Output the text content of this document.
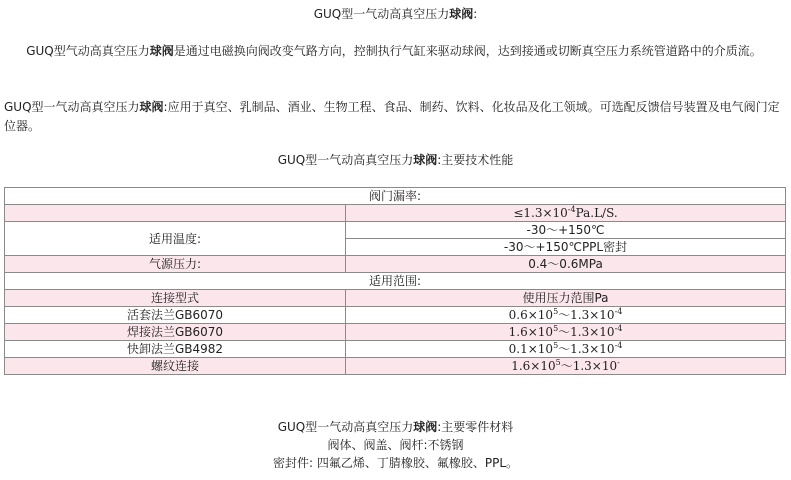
GUQ型一气动高真空压力球阀:
GUQ型气动高真空压力球阀是通过电磁换向阀改变气路方向，控制执行气缸来驱动球阀，达到接通或切断真空压力系统管道路中的介质流。
GUQ型一气动高真空压力球阀:应用于真空、乳制品、酒业、生物工程、食品、制药、饮料、化妆品及化工领域。可选配反馈信号装置及电气阀门定位器。
GUQ型一气动高真空压力球阀:主要技术性能
阀门漏率:	
	$\le 1.3\times 10^{-4}Pa.L/S$.
适用温度:	-30～+150℃
	-30～+150℃PPL密封
气源压力:	0.4～0.6MPa
适用范围:	
连接型式	使用压力范围Pa
活套法兰GB6070	$0.6\times 10^5\sim 1.3\times 10^{-4}$
焊接法兰GB6070	$1.6\times 10^5\sim 1.3\times 10^{-4}$
快卸法兰GB4982	$0.1\times 10^5\sim 1.3\times 10^{-4}$
螺纹连接	$1.6\times 10^5\sim 1.3\times 10^-$
GUQ型一气动高真空压力球阀:主要零件材料
阀体、阀盖、阀杆:不锈钢
密封件: 四氟乙烯、丁腈橡胶、氟橡胶、PPL。
